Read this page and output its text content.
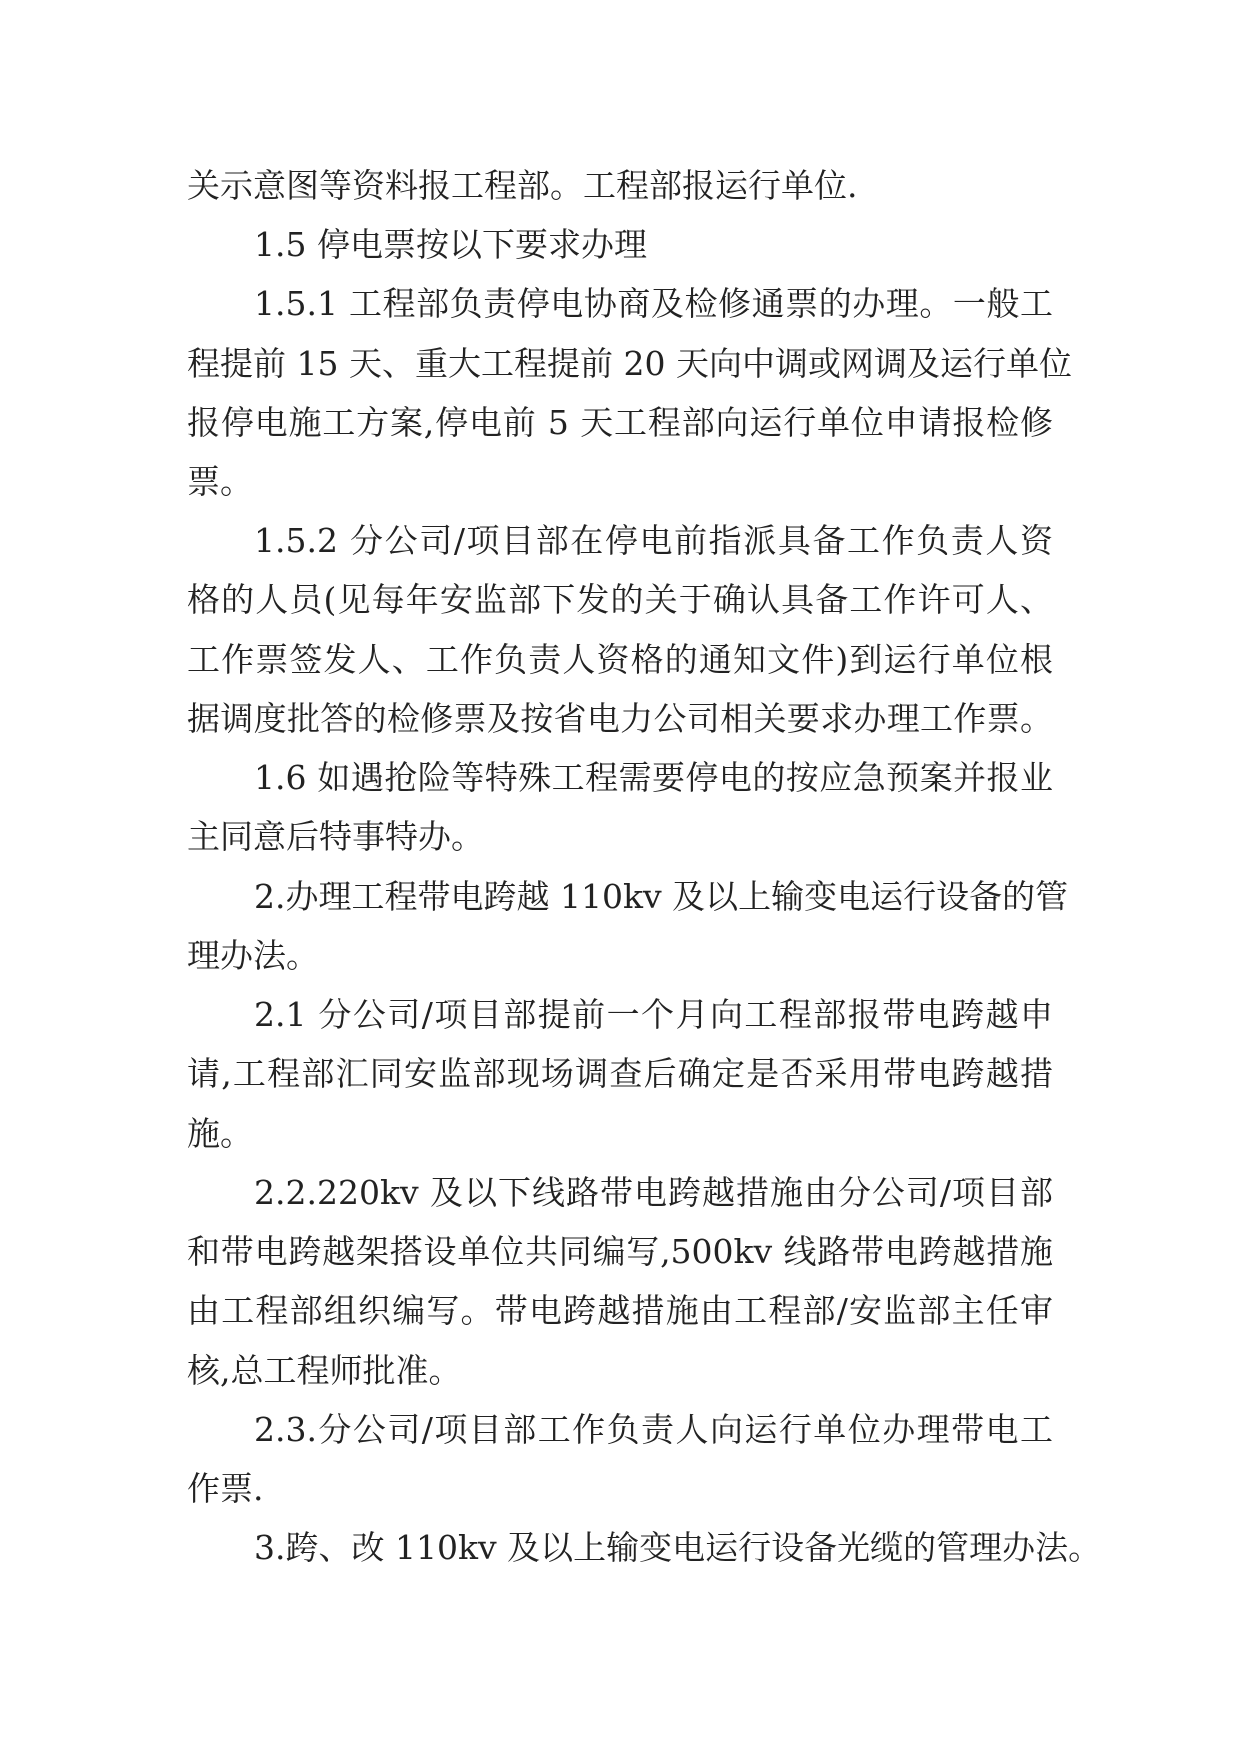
关示意图等资料报工程部。工程部报运行单位.
1.5 停电票按以下要求办理
1.5.1 工程部负责停电协商及检修通票的办理。一般工
程提前 15 天、重大工程提前 20 天向中调或网调及运行单位
报停电施工方案,停电前 5 天工程部向运行单位申请报检修
票。
1.5.2 分公司/项目部在停电前指派具备工作负责人资
格的人员(见每年安监部下发的关于确认具备工作许可人、
工作票签发人、工作负责人资格的通知文件)到运行单位根
据调度批答的检修票及按省电力公司相关要求办理工作票。
1.6 如遇抢险等特殊工程需要停电的按应急预案并报业
主同意后特事特办。
2.办理工程带电跨越 110kv 及以上输变电运行设备的管
理办法。
2.1 分公司/项目部提前一个月向工程部报带电跨越申
请,工程部汇同安监部现场调查后确定是否采用带电跨越措
施。
2.2.220kv 及以下线路带电跨越措施由分公司/项目部
和带电跨越架搭设单位共同编写,500kv 线路带电跨越措施
由工程部组织编写。带电跨越措施由工程部/安监部主任审
核,总工程师批准。
2.3.分公司/项目部工作负责人向运行单位办理带电工
作票.
3.跨、改 110kv 及以上输变电运行设备光缆的管理办法。
